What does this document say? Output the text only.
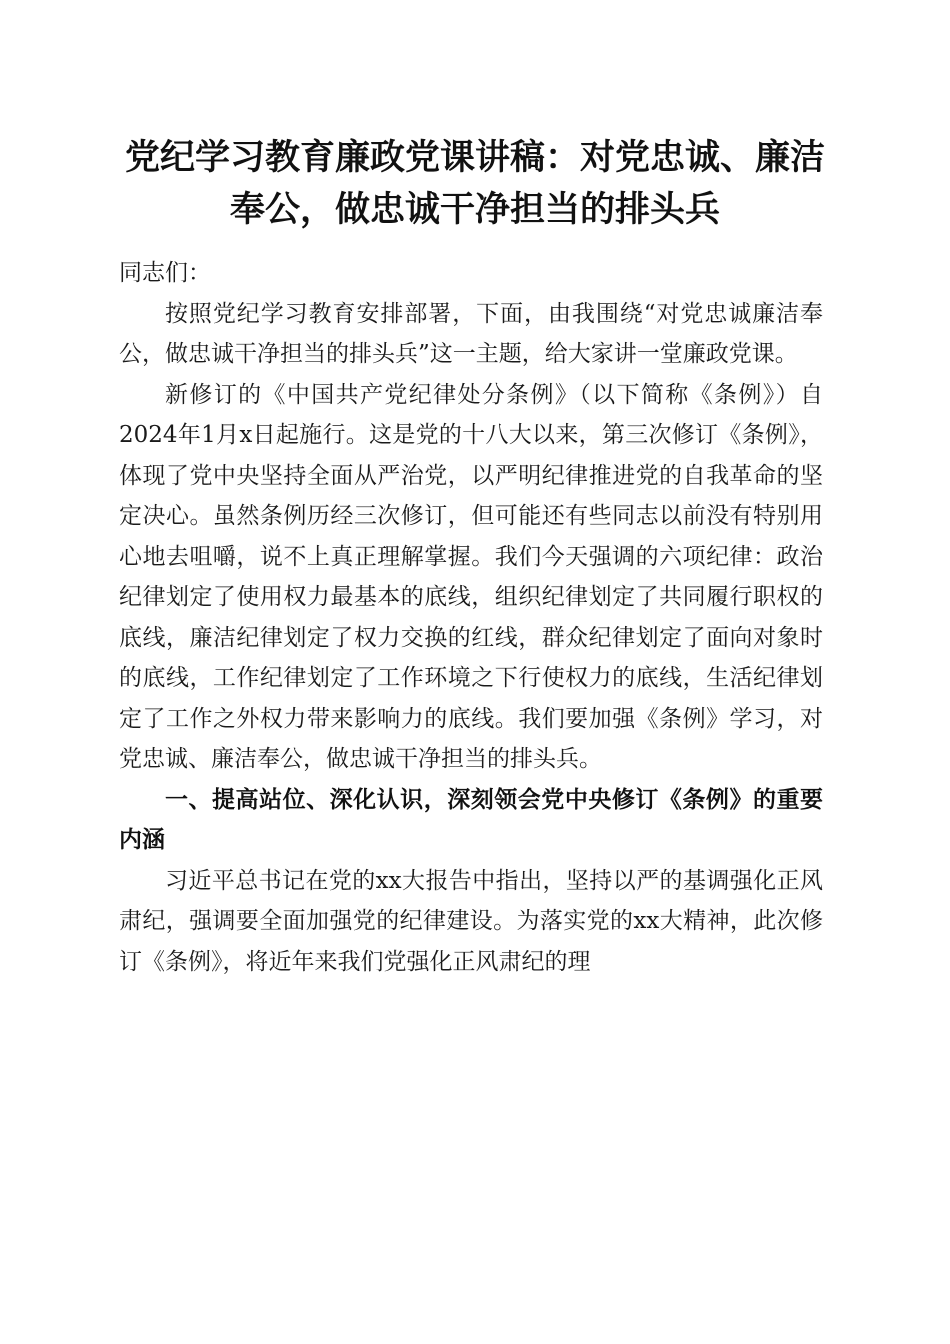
党纪学习教育廉政党课讲稿：对党忠诚、廉洁奉公，做忠诚干净担当的排头兵

同志们：

按照党纪学习教育安排部署，下面，由我围绕“对党忠诚廉洁奉公，做忠诚干净担当的排头兵”这一主题，给大家讲一堂廉政党课。

新修订的《中国共产党纪律处分条例》（以下简称《条例》）自2024年1月x日起施行。这是党的十八大以来，第三次修订《条例》，体现了党中央坚持全面从严治党，以严明纪律推进党的自我革命的坚定决心。虽然条例历经三次修订，但可能还有些同志以前没有特别用心地去咀嚼，说不上真正理解掌握。我们今天强调的六项纪律：政治纪律划定了使用权力最基本的底线，组织纪律划定了共同履行职权的底线，廉洁纪律划定了权力交换的红线，群众纪律划定了面向对象时的底线，工作纪律划定了工作环境之下行使权力的底线，生活纪律划定了工作之外权力带来影响力的底线。我们要加强《条例》学习，对党忠诚、廉洁奉公，做忠诚干净担当的排头兵。

一、提高站位、深化认识，深刻领会党中央修订《条例》的重要内涵

习近平总书记在党的xx大报告中指出，坚持以严的基调强化正风肃纪，强调要全面加强党的纪律建设。为落实党的xx大精神，此次修订《条例》，将近年来我们党强化正风肃纪的理
